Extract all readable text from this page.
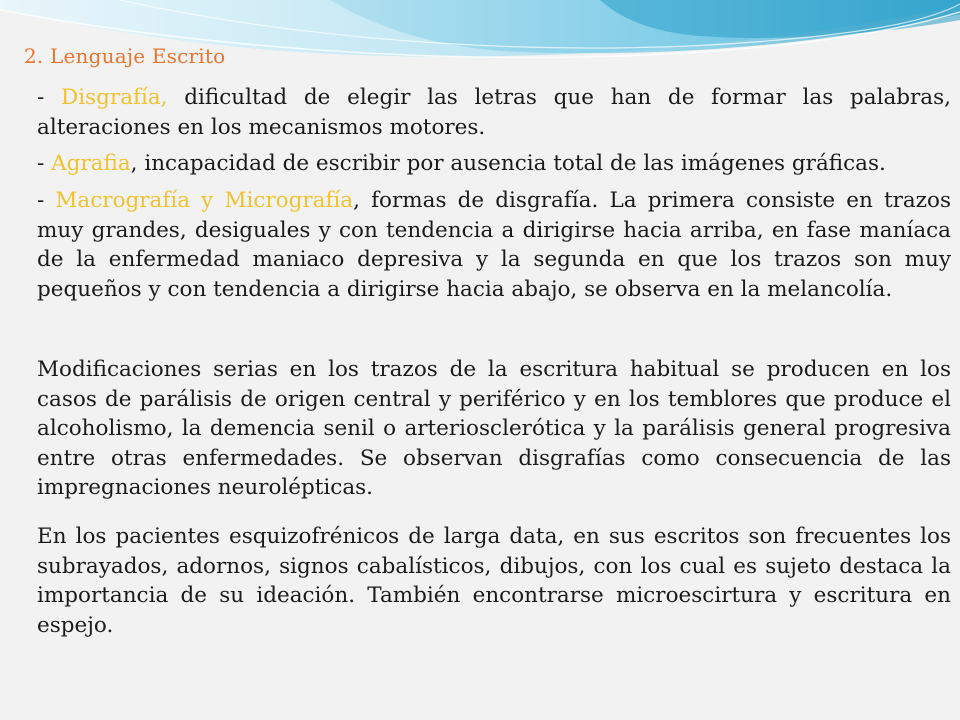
2. Lenguaje Escrito

- Disgrafía, dificultad de elegir las letras que han de formar las palabras, alteraciones en los mecanismos motores.

- Agrafia, incapacidad de escribir por ausencia total de las imágenes gráficas.

- Macrografía y Micrografía, formas de disgrafía. La primera consiste en trazos muy grandes, desiguales y con tendencia a dirigirse hacia arriba, en fase maníaca de la enfermedad maniaco depresiva y la segunda en que los trazos son muy pequeños y con tendencia a dirigirse hacia abajo, se observa en la melancolía.

Modificaciones serias en los trazos de la escritura habitual se producen en los casos de parálisis de origen central y periférico y en los temblores que produce el alcoholismo, la demencia senil o arteriosclerótica y la parálisis general progresiva entre otras enfermedades. Se observan disgrafías como consecuencia de las impregnaciones neurolépticas.

En los pacientes esquizofrénicos de larga data, en sus escritos son frecuentes los subrayados, adornos, signos cabalísticos, dibujos, con los cual es sujeto destaca la importancia de su ideación. También encontrarse microescirtura y escritura en espejo.
